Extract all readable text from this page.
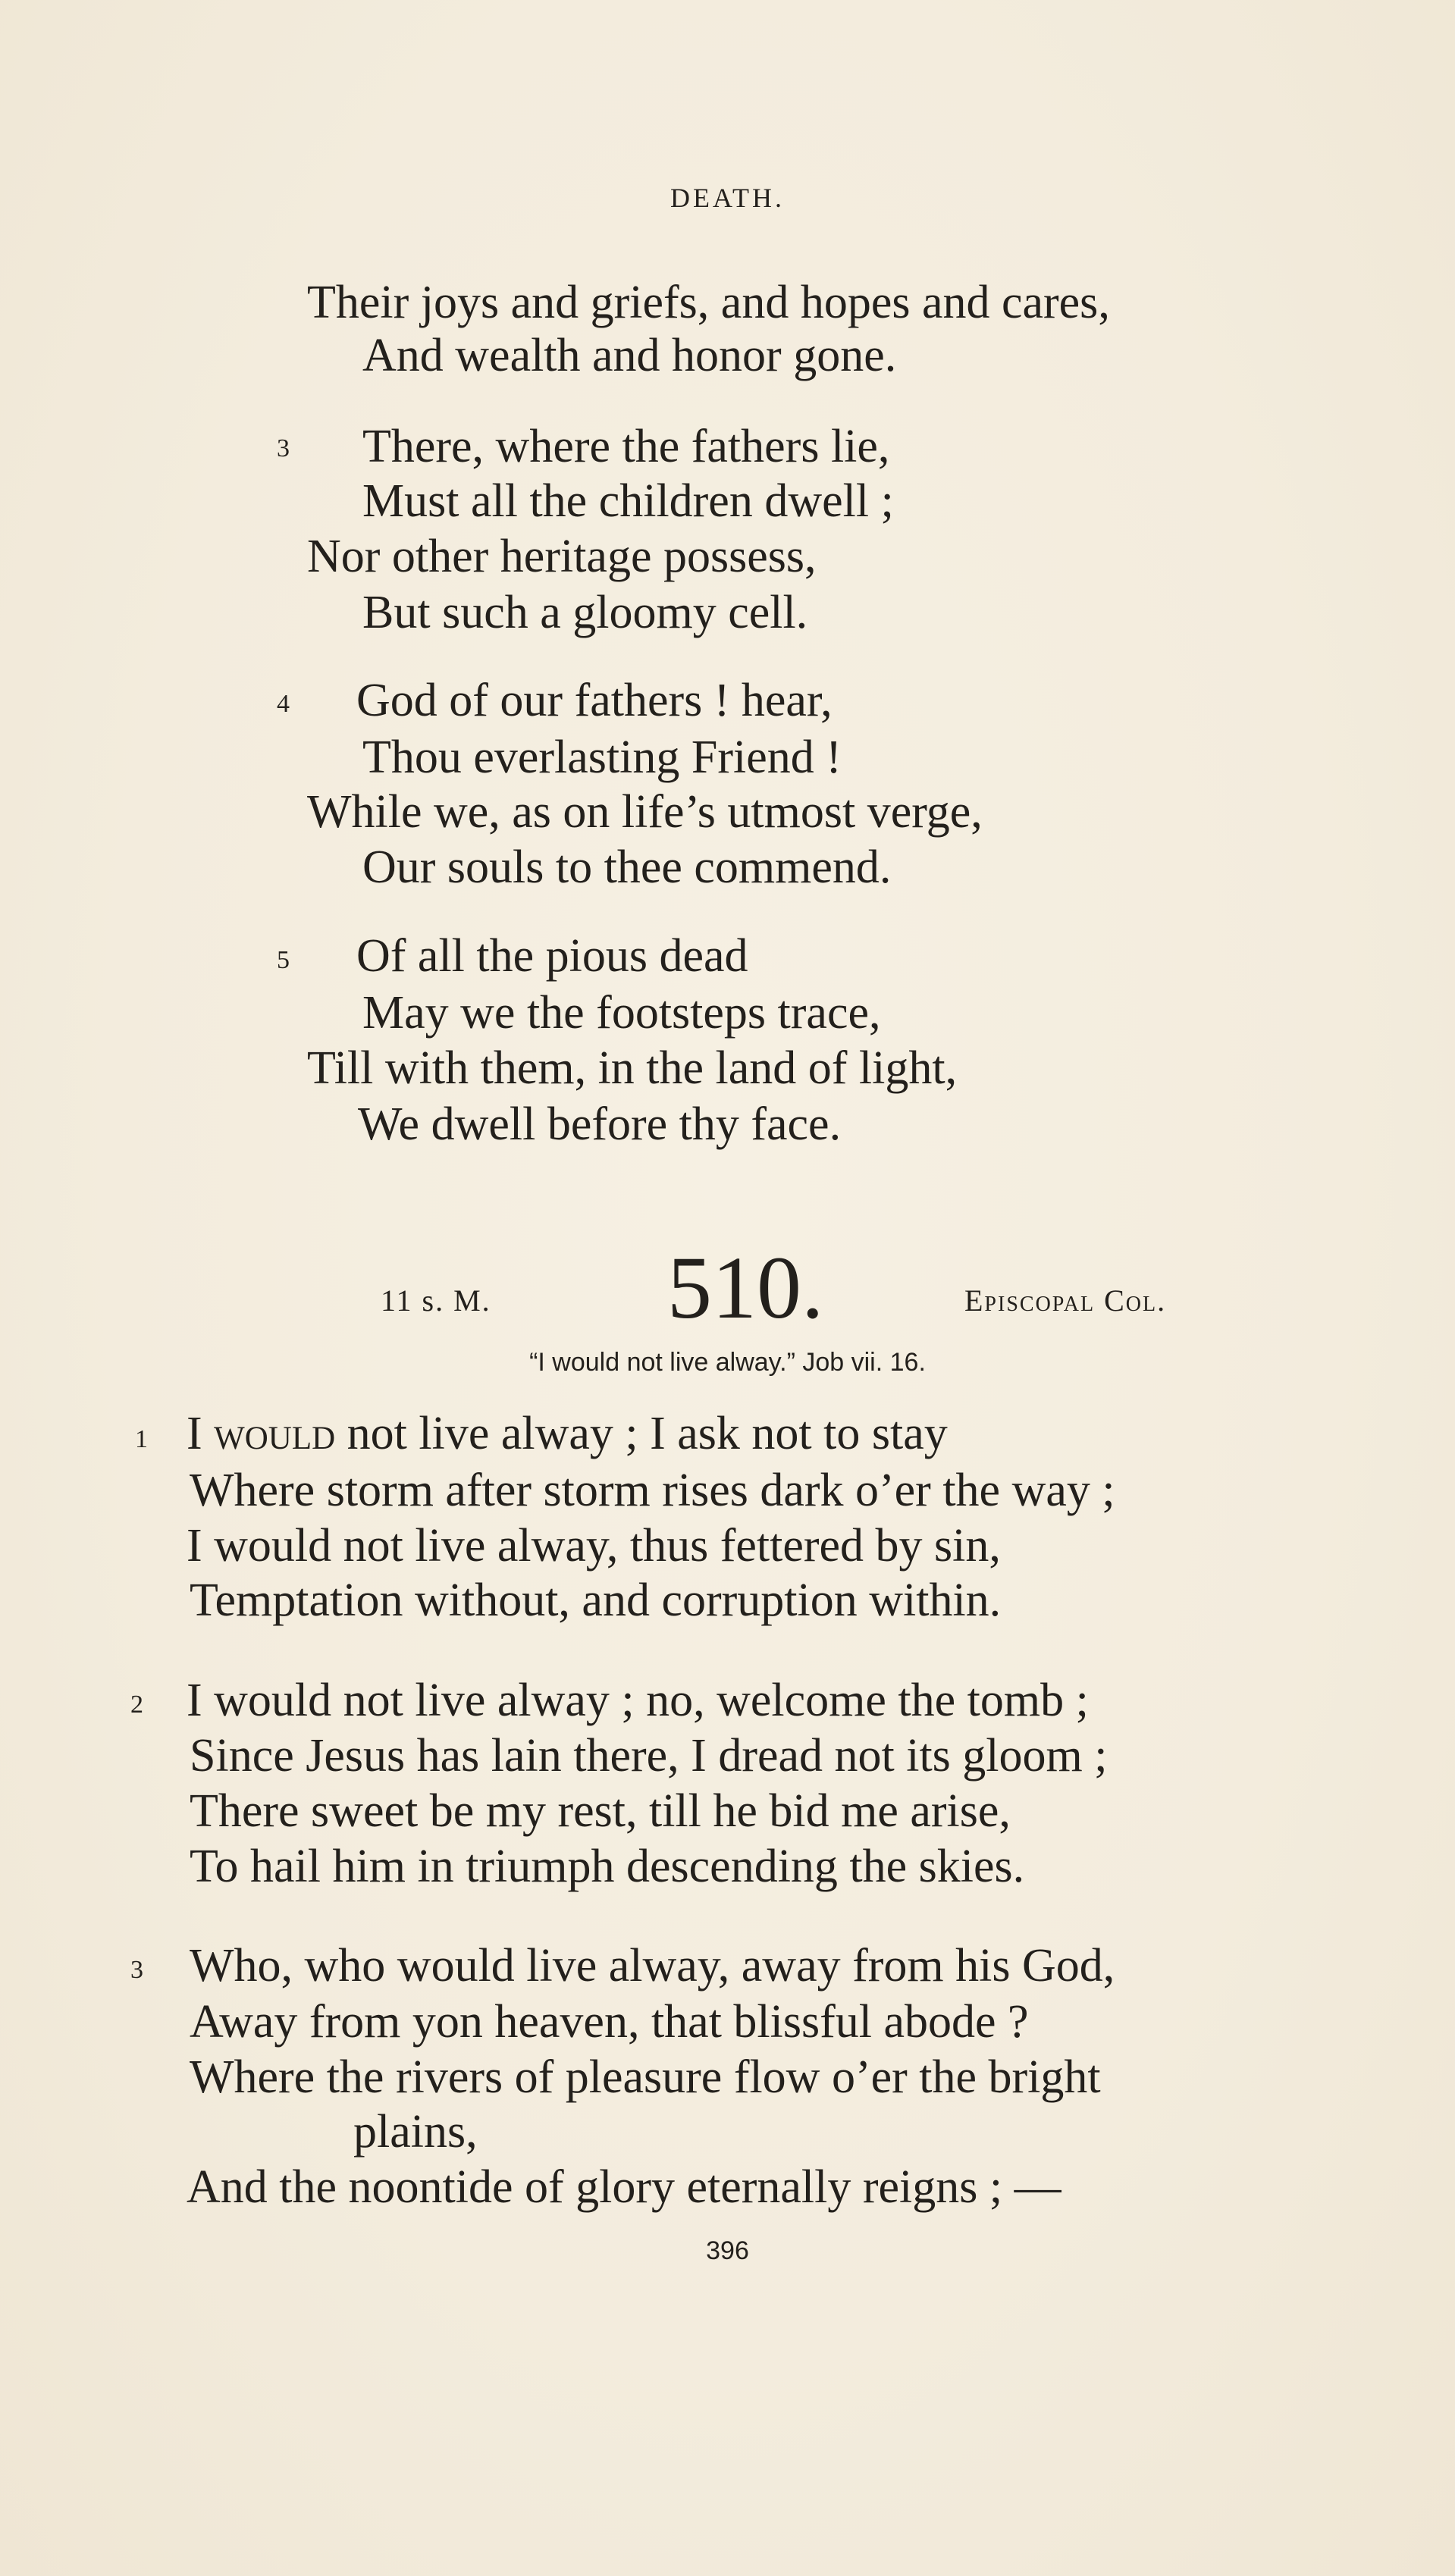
DEATH.
Their joys and griefs, and hopes and cares,
And wealth and honor gone.
3 There, where the fathers lie,
Must all the children dwell ;
Nor other heritage possess,
But such a gloomy cell.
4 God of our fathers ! hear,
Thou everlasting Friend !
While we, as on life’s utmost verge,
Our souls to thee commend.
5 Of all the pious dead
May we the footsteps trace,
Till with them, in the land of light,
We dwell before thy face.
11 s. M. 510.	Episcopal Col.
“I would not live alway.” Job vii. 16.
1 I would not live alway ; I ask not to stay
Where storm after storm rises dark o’er the way ;
I would not live alway, thus fettered by sin,
Temptation without, and corruption within.
2 I would not live alway ; no, welcome the tomb ;
Since Jesus has lain there, I dread not its gloom ;
There sweet be my rest, till he bid me arise,
To hail him in triumph descending the skies.
3 Who, who would live alway, away from his God,
Away from yon heaven, that blissful abode ?
Where the rivers of pleasure flow o’er the bright
plains,
And the noontide of glory eternally reigns ; —
396
